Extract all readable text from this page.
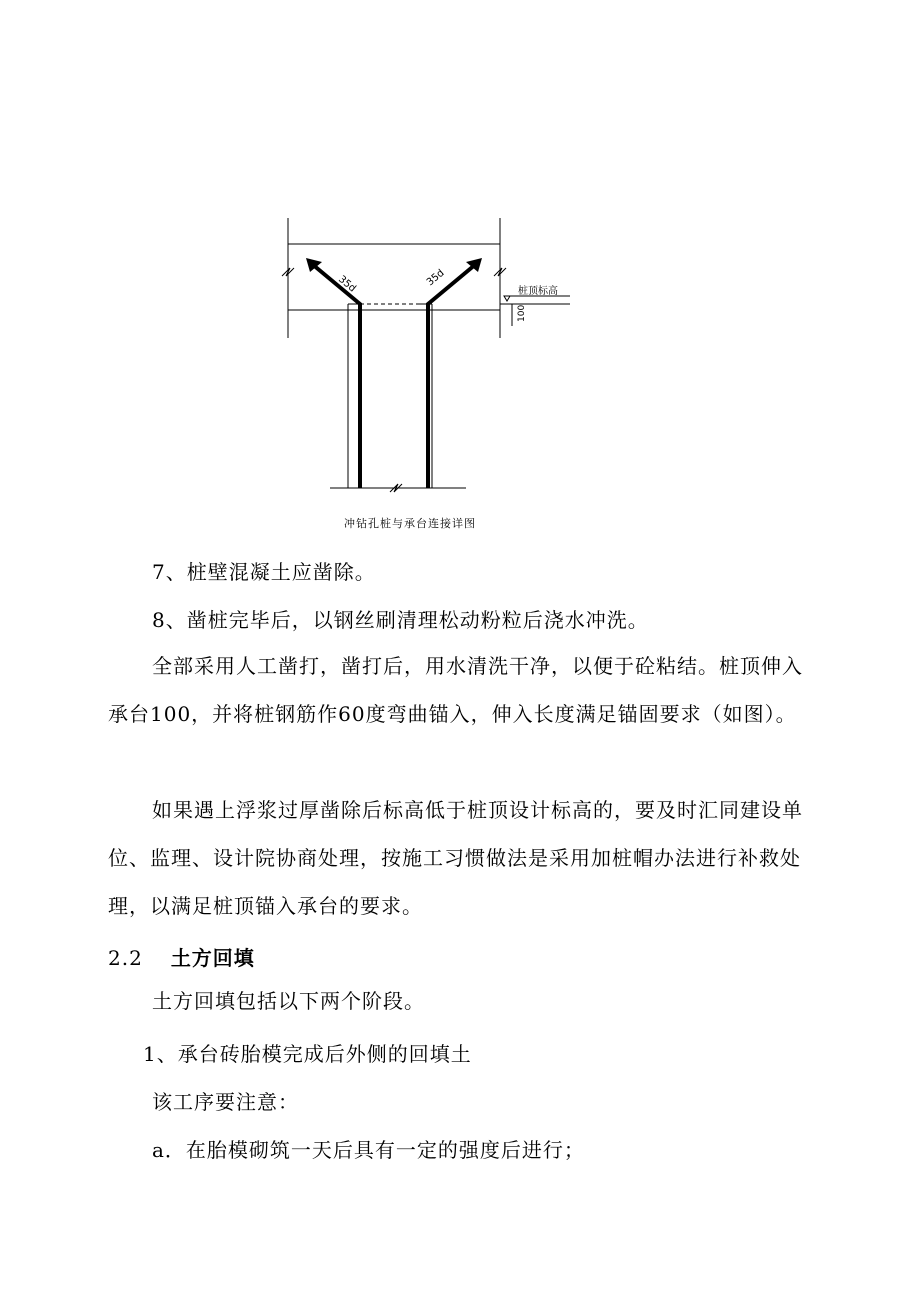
35d	35d
桩顶标高
100
冲钻孔桩与承台连接详图

7、桩壁混凝土应凿除。

8、凿桩完毕后，以钢丝刷清理松动粉粒后浇水冲洗。

全部采用人工凿打，凿打后，用水清洗干净，以便于砼粘结。桩顶伸入承台100，并将桩钢筋作60度弯曲锚入，伸入长度满足锚固要求（如图）。

如果遇上浮浆过厚凿除后标高低于桩顶设计标高的，要及时汇同建设单位、监理、设计院协商处理，按施工习惯做法是采用加桩帽办法进行补救处理，以满足桩顶锚入承台的要求。

2.2 土方回填

土方回填包括以下两个阶段。

1、承台砖胎模完成后外侧的回填土

该工序要注意：

a．在胎模砌筑一天后具有一定的强度后进行；
